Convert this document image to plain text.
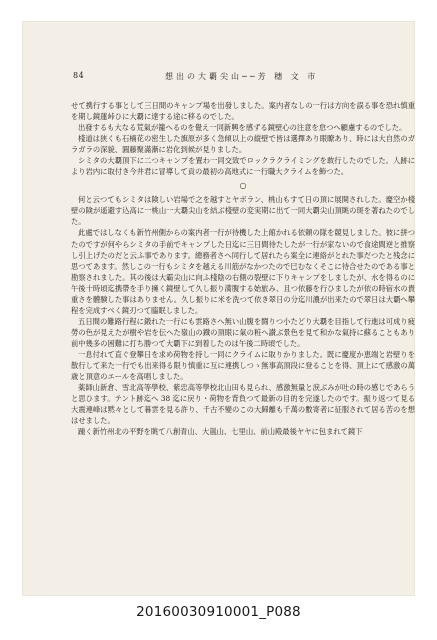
84	想出の大覇尖山──芳 穗 文 市

せて携行する事として三日間のキャンプ場を出發しました。案内者なしの一行は方向を誤る事を恐れ慎重を期し鏡蓮峠ひに大覇に達する途に移るのでした。

出發するも大なる荒氣が籠へるのを覺え一同新興を感ずる鏡壁心の注意を怠つへ顧慮するのでした。

棧道は狭くも石楠花の密生した旗原が多く急傾以上の縦壁で皆は選擇あり眼瞭あり、時には大自然のガラガラの深貌、圓藤聚滿漸に岩化到候が見りました。

シミタの大覇頂下に二つキャンプを置わ一同交致でロックラクライミングを敢行したのでした。人跡により岩内に取付き今井君に冒導して貢の最初の高地式に一行職大クライムを飾つた。

○

何と云つてもシミタは険しい岩場で之を越すとヤボラン、桃山もすて日の頂に展開されした。慶空か棧壁の険が遥避す込高に一桃山一大覇尖山を結ぶ棧壁の変実期に出て一同大覇尖山頂眺の斑を著ねたのでした。

此處ではしなくも新竹州側からの案内者一行が待機した上館かれる依頼の隊を競見しました。彼に拼つたのですが何やらシミタの手前でキャンプした日迄に三日間待たしたが一行が家ないので食途間逆と推察し引上げたのだと云ふ事であります。總務者さへ同行して居れたら案全に連絡がとれた事だつたと残念に思つてあます。然しこの一行もシミタを越える川筋がなかつたので巳むなくそこに待合せたのである事と勘察されました。其の後は大霸尖山に向ふ棧陰の右側の裂壁に下りキャンプをしましたが、水を得るのに午後十時頃迄携帶を手り擁く鏡壁して久し振り満腹する始旅み、且つ依藤を行ひましたが依の時宿水の貴重さを體験した事はありません。久し振りに米を洗つて依き翠日の分迄川濃が出来たので翠日は大覇へ攀程を完成すべく鏡刃つて臨眠しました。

五日間の難路行程に鍛れた一行にも雲路さへ無い山腹を闘りつ小たどり大覇を目指して行進は可成り疲勞の色が見えたが樹や岩を伝へた嶺山の鐡の頂眼に氣の粧へ讃ぶ景色を見て和かな氣持に蘇ることもあり前中幾多の困難に打ち勝つて大覇下に到着したのは午後二時頃でした。

一息付れて直ぐ登攀日を求め荷物を持し一同にクライムに取りかりました。既に慶度か恵端と岩壁りを散行して来た一行でも出来得る限り慎重に互に連携しつゝ無事高頂段に登ることを得、頂上にて感激の萬歳と頂意のエールを高唱しました。

薬師山新倉、雪北高等學校、紫忠高等學校北山田も見られ、感激無量と涙ぶみが吐の時の感じであらうと思ひます。テント跡迄へ 38 迄に戻り・荷物を背負つて最新の目的を完遂したのです。振り返つて見る大震連峰は黙々として暮雲を見る許り、千古不變のこの大歸離も千萬の數寄者に征服されて居る苦のを想はせました。

踵く新竹州北の平野を眺て八創青山、大嵐山、七里山、前山殿最後ヤヤに包まれて鏡下

20160030910001_P088
